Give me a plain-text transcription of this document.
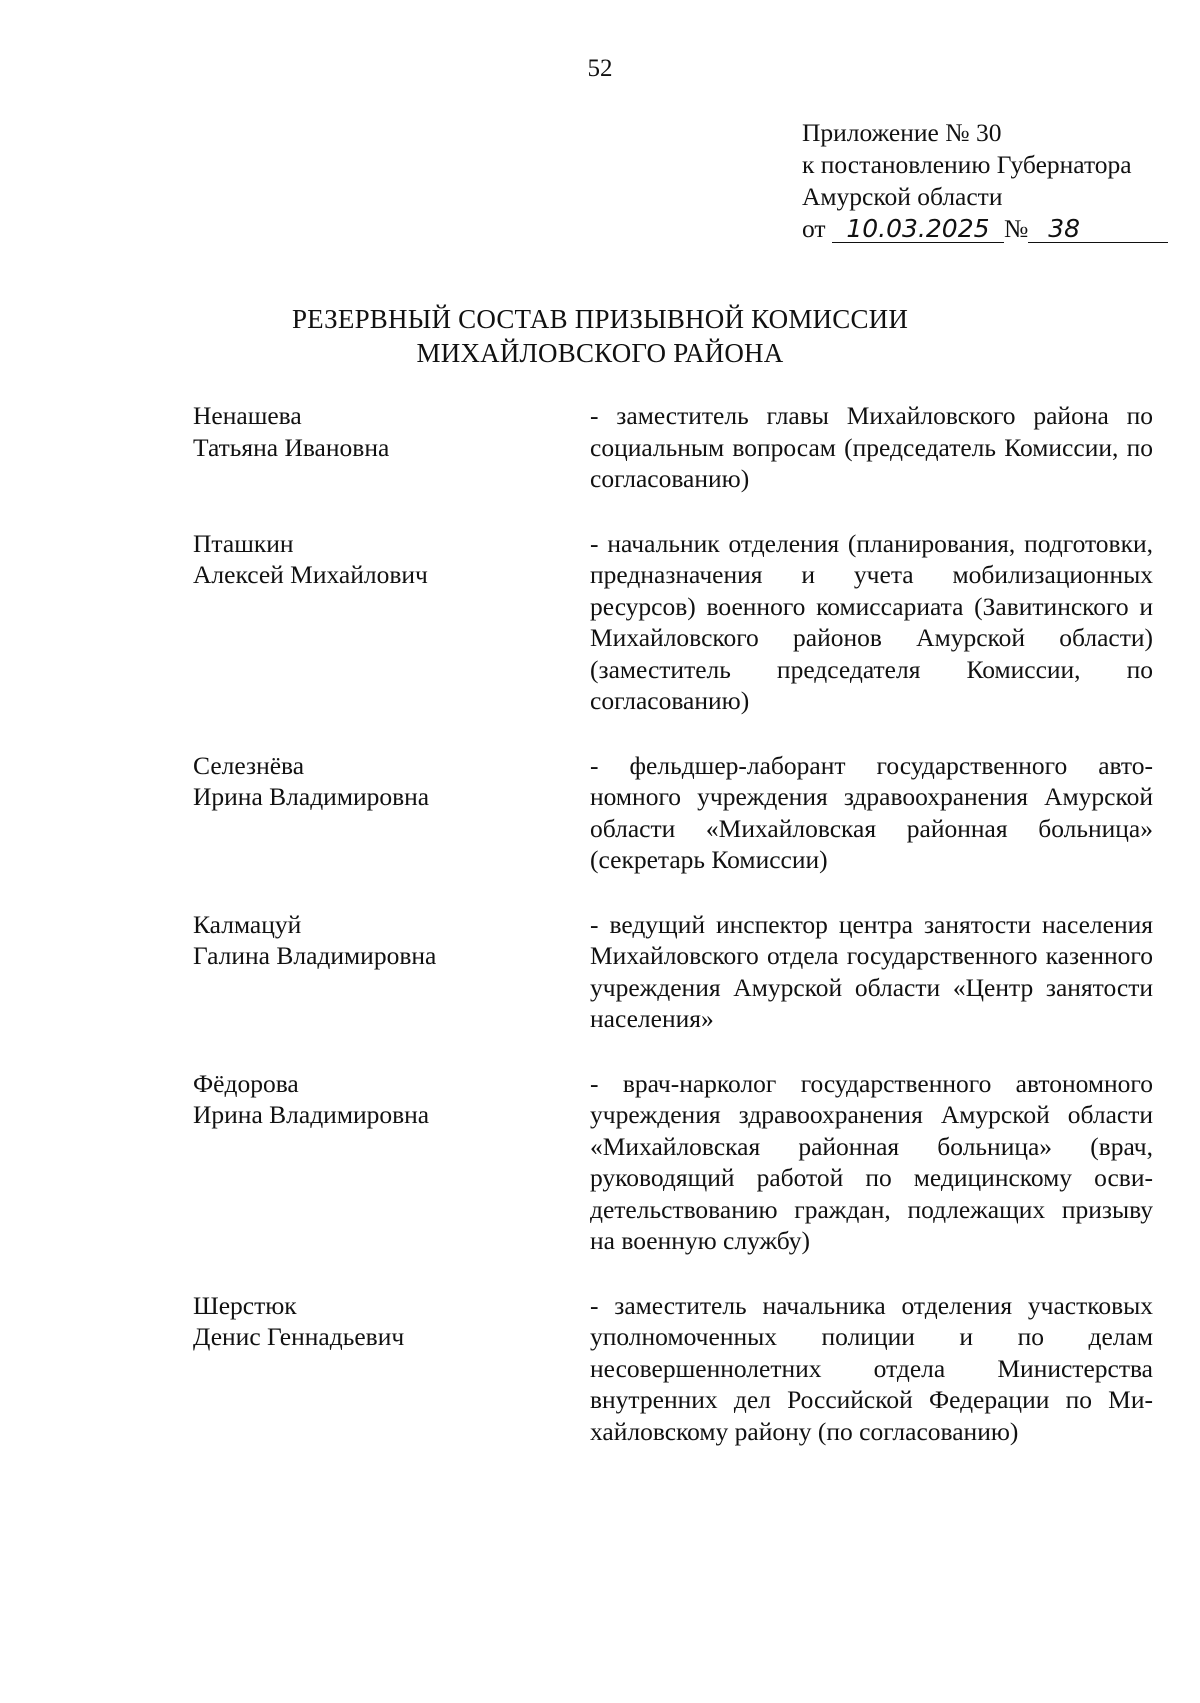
52
Приложение № 30
к постановлению Губернатора
Амурской области
от 10.03.2025 № 38
РЕЗЕРВНЫЙ СОСТАВ ПРИЗЫВНОЙ КОМИССИИ
МИХАЙЛОВСКОГО РАЙОНА
Ненашева
Татьяна Ивановна
- заместитель главы Михайловского района по социальным вопросам (председатель Комиссии, по согласованию)
Пташкин
Алексей Михайлович
- начальник отделения (планирования, подготовки, предназначения и учета мобилизационных ресурсов) военного комиссариата (Завитинского и Михайловского районов Амурской области) (заместитель председателя Комиссии, по согласованию)
Селезнёва
Ирина Владимировна
- фельдшер-лаборант государственного автономного учреждения здравоохранения Амурской области «Михайловская районная больница» (секретарь Комиссии)
Калмацуй
Галина Владимировна
- ведущий инспектор центра занятости населения Михайловского отдела государственного казенного учреждения Амурской области «Центр занятости населения»
Фёдорова
Ирина Владимировна
- врач-нарколог государственного автономного учреждения здравоохранения Амурской области «Михайловская районная больница» (врач, руководящий работой по медицинскому освидетельствованию граждан, подлежащих призыву на военную службу)
Шерстюк
Денис Геннадьевич
- заместитель начальника отделения участковых уполномоченных полиции и по делам несовершеннолетних отдела Министерства внутренних дел Российской Федерации по Михайловскому району (по согласованию)
